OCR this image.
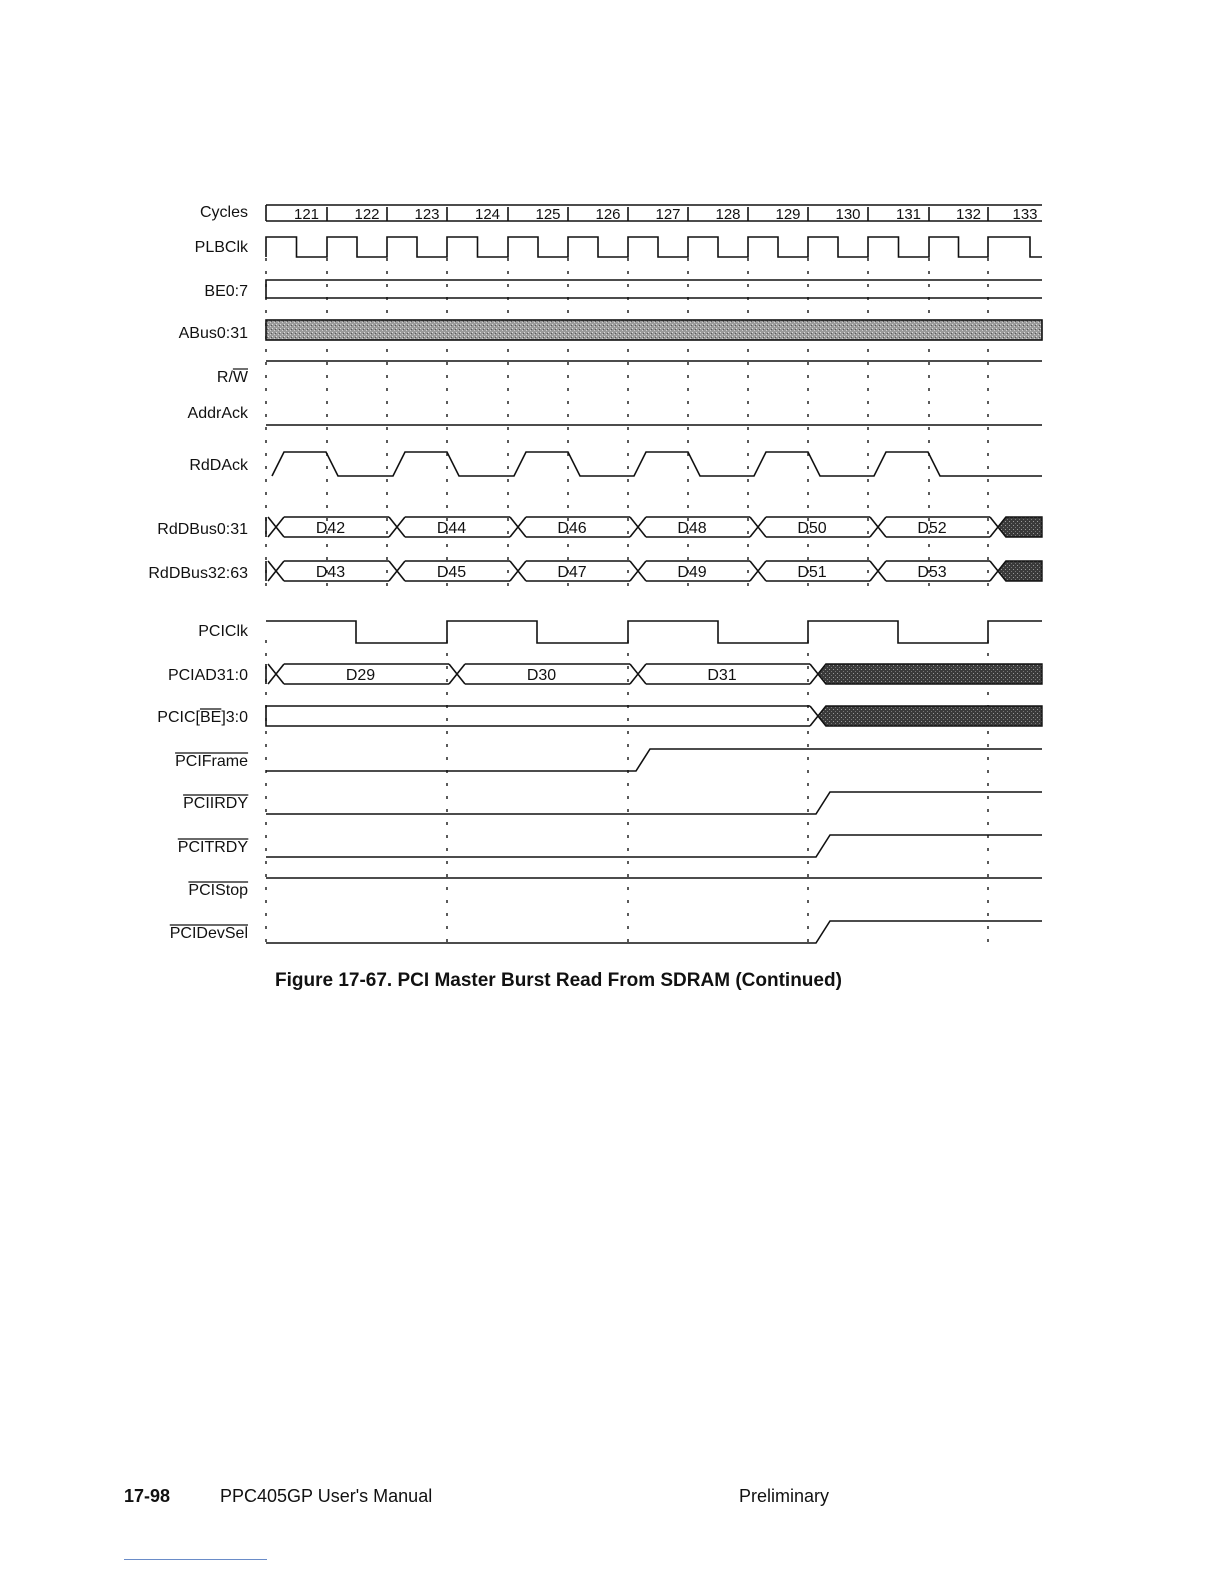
Cycles
PLBClk
BE0:7
ABus0:31
R/W
AddrAck
RdDAck
RdDBus0:31
RdDBus32:63
PCIClk
PCIAD31:0
PCIC[BE]3:0
PCIFrame
PCIIRDY
PCITRDY
PCIStop
PCIDevSel
121 122 123 124 125 126 127 128 129 130 131 132 133
D42	D44	D46	D48	D50	D52
D43	D45	D47	D49	D51	D53
D29	D30	D31
Figure 17-67. PCI Master Burst Read From SDRAM (Continued)
17-98	PPC405GP User's Manual	Preliminary
